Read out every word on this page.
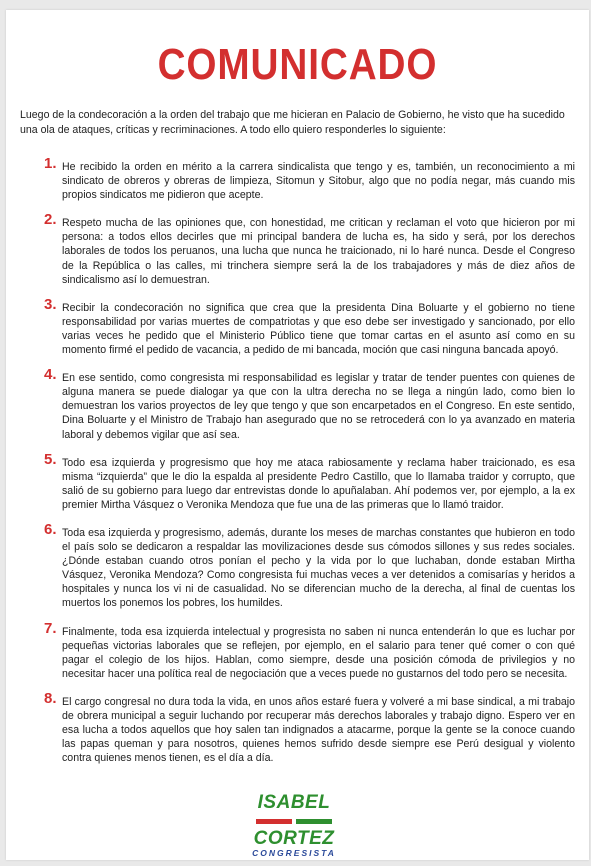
COMUNICADO
Luego de la condecoración a la orden del trabajo que me hicieran en Palacio de Gobierno, he visto que ha sucedido una ola de ataques, críticas y recriminaciones. A todo ello quiero responderles lo siguiente:
1. He recibido la orden en mérito a la carrera sindicalista que tengo y es, también, un reconocimiento a mi sindicato de obreros y obreras de limpieza, Sitomun y Sitobur, algo que no podía negar, más cuando mis propios sindicatos me pidieron que acepte.
2. Respeto mucha de las opiniones que, con honestidad, me critican y reclaman el voto que hicieron por mi persona: a todos ellos decirles que mi principal bandera de lucha es, ha sido y será, por los derechos laborales de todos los peruanos, una lucha que nunca he traicionado, ni lo haré nunca. Desde el Congreso de la República o las calles, mi trinchera siempre será la de los trabajadores y más de diez años de sindicalismo así lo demuestran.
3. Recibir la condecoración no significa que crea que la presidenta Dina Boluarte y el gobierno no tiene responsabilidad por varias muertes de compatriotas y que eso debe ser investigado y sancionado, por ello varias veces he pedido que el Ministerio Público tiene que tomar cartas en el asunto así como en su momento firmé el pedido de vacancia, a pedido de mi bancada, moción que casi ninguna bancada apoyó.
4. En ese sentido, como congresista mi responsabilidad es legislar y tratar de tender puentes con quienes de alguna manera se puede dialogar ya que con la ultra derecha no se llega a ningún lado, como bien lo demuestran los varios proyectos de ley que tengo y que son encarpetados en el Congreso. En este sentido, Dina Boluarte y el Ministro de Trabajo han asegurado que no se retrocederá con lo ya avanzado en materia laboral y debemos vigilar que así sea.
5. Todo esa izquierda y progresismo que hoy me ataca rabiosamente y reclama haber traicionado, es esa misma “izquierda” que le dio la espalda al presidente Pedro Castillo, que lo llamaba traidor y corrupto, que salió de su gobierno para luego dar entrevistas donde lo apuñalaban. Ahí podemos ver, por ejemplo, a la ex premier Mirtha Vásquez o Veronika Mendoza que fue una de las primeras que lo llamó traidor.
6. Toda esa izquierda y progresismo, además, durante los meses de marchas constantes que hubieron en todo el país solo se dedicaron a respaldar las movilizaciones desde sus cómodos sillones y sus redes sociales. ¿Dónde estaban cuando otros ponían el pecho y la vida por lo que luchaban, donde estaban Mirtha Vásquez, Veronika Mendoza? Como congresista fui muchas veces a ver detenidos a comisarías y heridos a hospitales y nunca los vi ni de casualidad. No se diferencian mucho de la derecha, al final de cuentas los muertos los ponemos los pobres, los humildes.
7. Finalmente, toda esa izquierda intelectual y progresista no saben ni nunca entenderán lo que es luchar por pequeñas victorias laborales que se reflejen, por ejemplo, en el salario para tener qué comer o con qué pagar el colegio de los hijos. Hablan, como siempre, desde una posición cómoda de privilegios y no necesitar hacer una política real de negociación que a veces puede no gustarnos del todo pero se necesita.
8. El cargo congresal no dura toda la vida, en unos años estaré fuera y volveré a mi base sindical, a mi trabajo de obrera municipal a seguir luchando por recuperar más derechos laborales y trabajo digno. Espero ver en esa lucha a todos aquellos que hoy salen tan indignados a atacarme, porque la gente se la conoce cuando las papas queman y para nosotros, quienes hemos sufrido desde siempre ese Perú desigual y violento contra quienes menos tienen, es el día a día.
ISABEL
CORTEZ
CONGRESISTA
